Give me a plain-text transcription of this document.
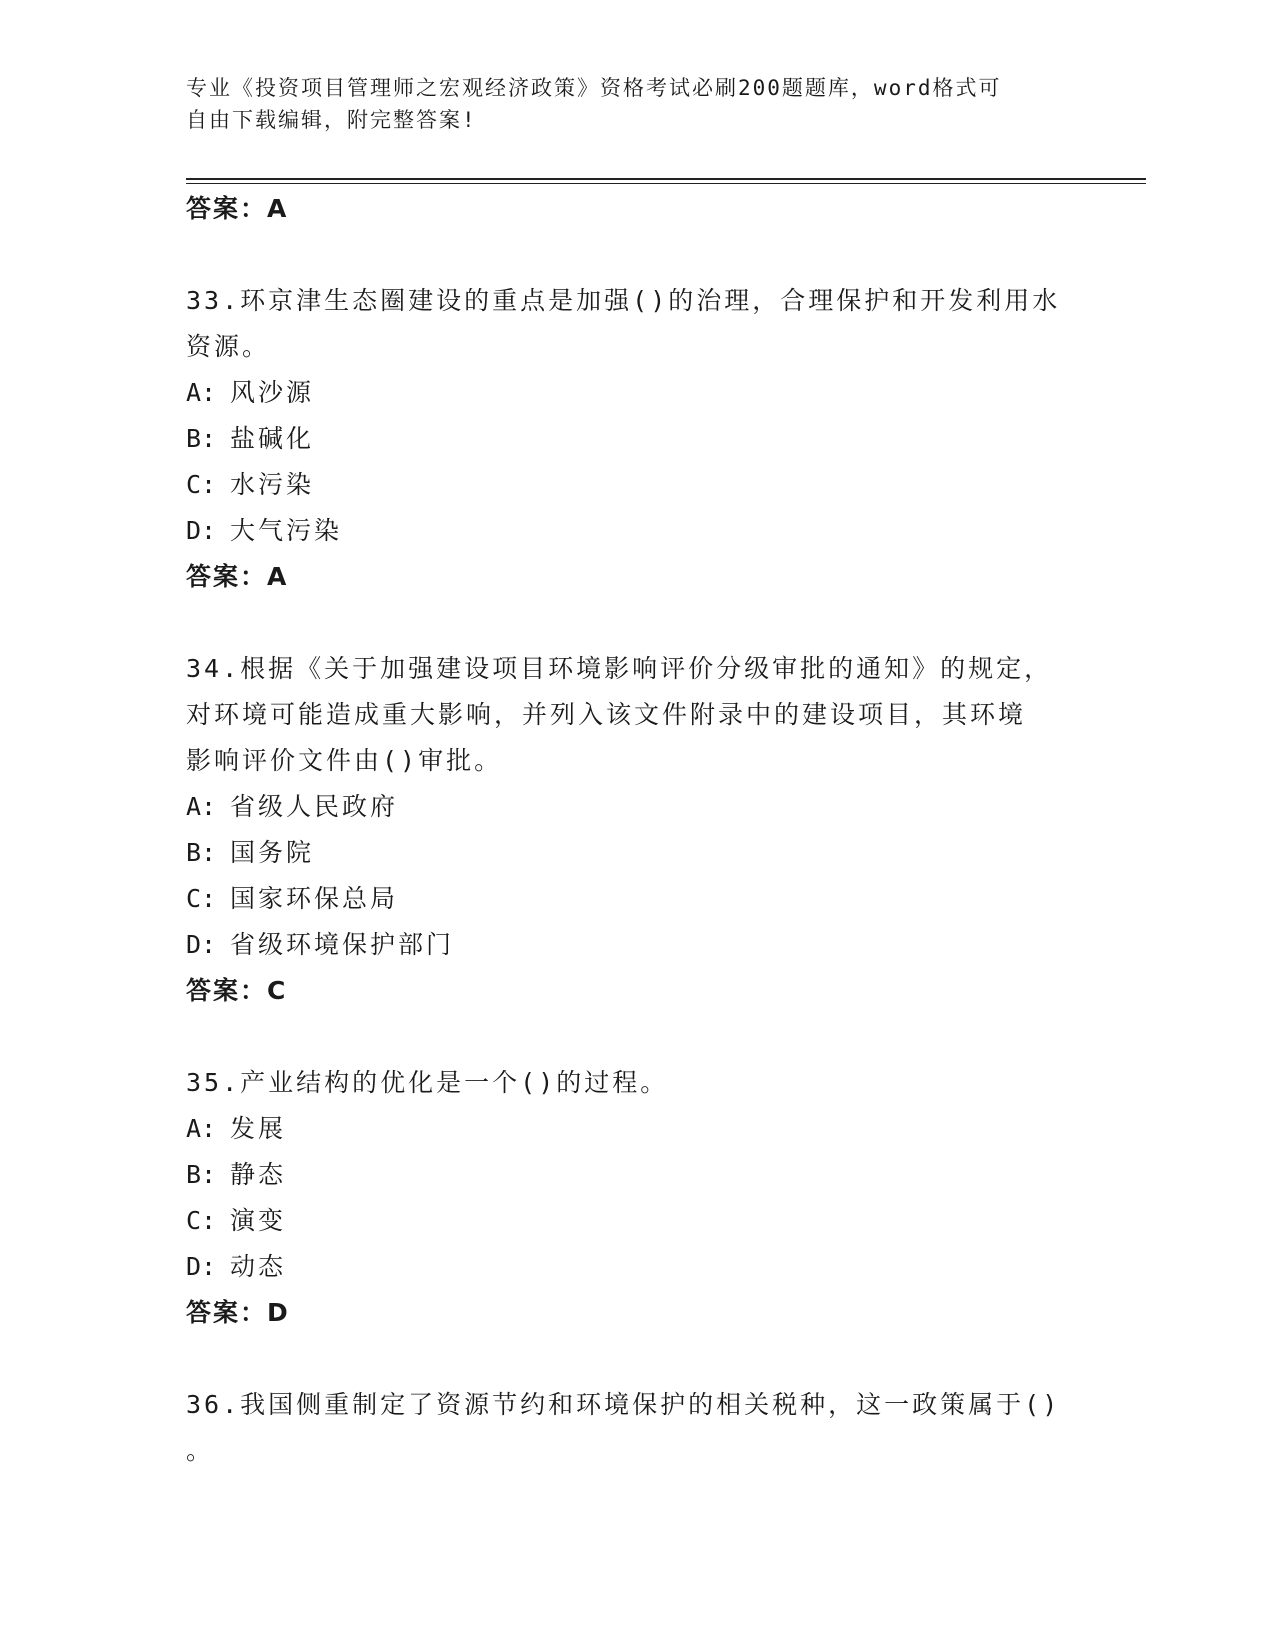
专业《投资项目管理师之宏观经济政策》资格考试必刷200题题库，word格式可
自由下载编辑，附完整答案!
答案：A
33.环京津生态圈建设的重点是加强()的治理，合理保护和开发利用水
资源。
A: 风沙源
B: 盐碱化
C: 水污染
D: 大气污染
答案：A
34.根据《关于加强建设项目环境影响评价分级审批的通知》的规定，
对环境可能造成重大影响，并列入该文件附录中的建设项目，其环境
影响评价文件由()审批。
A: 省级人民政府
B: 国务院
C: 国家环保总局
D: 省级环境保护部门
答案：C
35.产业结构的优化是一个()的过程。
A: 发展
B: 静态
C: 演变
D: 动态
答案：D
36.我国侧重制定了资源节约和环境保护的相关税种，这一政策属于()
。
